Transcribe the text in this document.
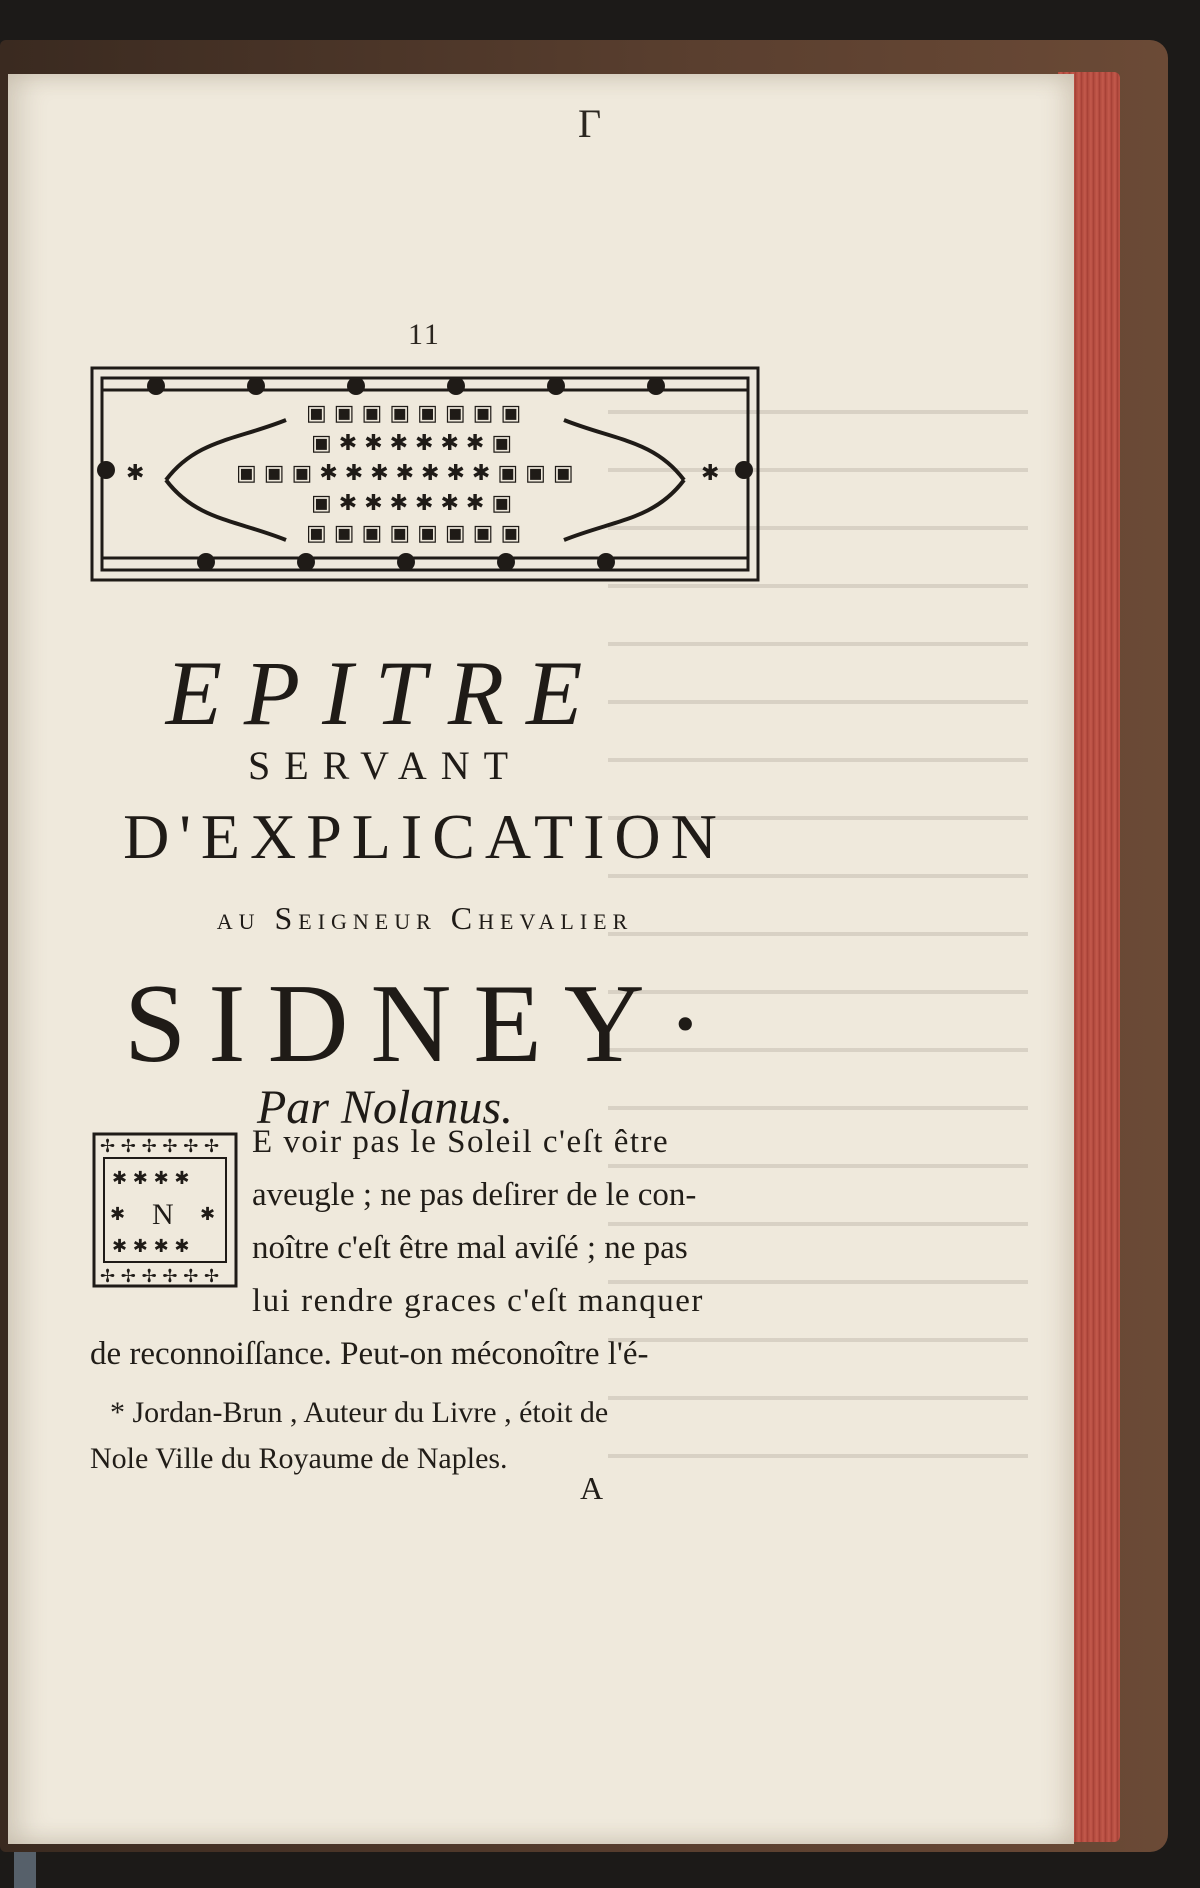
Γ
11
✱	✱
▣ ▣ ▣ ▣ ▣ ▣ ▣ ▣
▣ ✱ ✱ ✱ ✱ ✱ ✱ ▣
▣ ▣ ▣ ✱ ✱ ✱ ✱ ✱ ✱ ✱ ▣ ▣ ▣
▣ ✱ ✱ ✱ ✱ ✱ ✱ ▣
▣ ▣ ▣ ▣ ▣ ▣ ▣ ▣
EPITRE
SERVANT
D'EXPLICATION
au Seigneur Chevalier
SIDNEY·
Par Nolanus.
✢ ✢ ✢ ✢ ✢ ✢
✢ ✢ ✢ ✢ ✢ ✢
✱ ✱ ✱ ✱
✱ ✱ ✱ ✱
✱	✱
N
E voir pas le Soleil c'eſt être
aveugle ; ne pas deſirer de le con-
noître c'eſt être mal aviſé ; ne pas
lui rendre graces c'eſt manquer
de reconnoiſſance. Peut-on méconoître l'é-
* Jordan-Brun , Auteur du Livre , étoit de
Nole Ville du Royaume de Naples.
A
